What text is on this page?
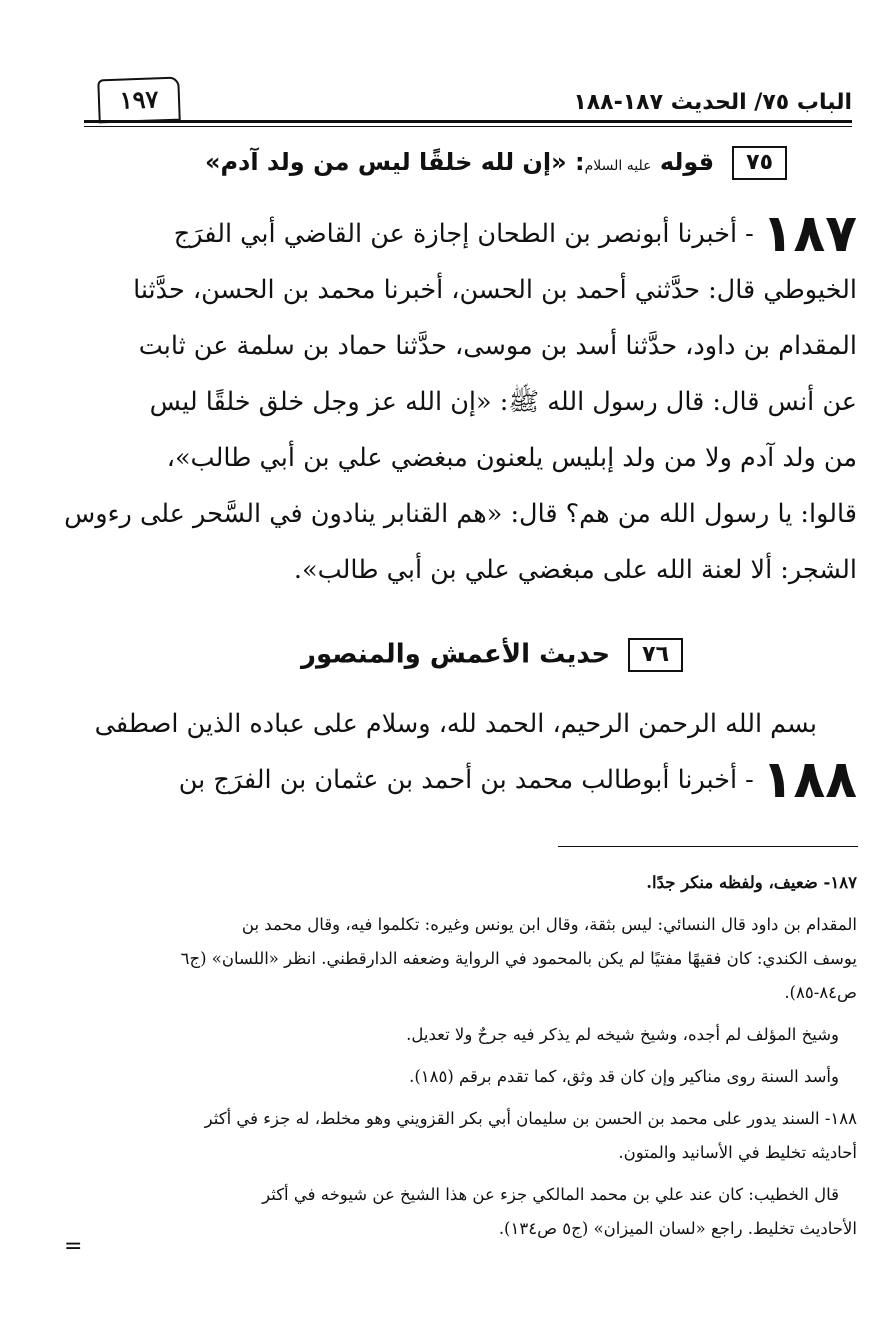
الباب ٧٥/ الحديث ١٨٧-١٨٨
١٩٧
٧٥قوله عليه السلام: «إن لله خلقًا ليس من ولد آدم»
١٨٧- أخبرنا أبونصر بن الطحان إجازة عن القاضي أبي الفرَج
الخيوطي قال: حدَّثني أحمد بن الحسن، أخبرنا محمد بن الحسن، حدَّثنا
المقدام بن داود، حدَّثنا أسد بن موسى، حدَّثنا حماد بن سلمة عن ثابت
عن أنس قال: قال رسول الله ﷺ: «إن الله عز وجل خلق خلقًا ليس
من ولد آدم ولا من ولد إبليس يلعنون مبغضي علي بن أبي طالب»،
قالوا: يا رسول الله من هم؟ قال: «هم القنابر ينادون في السَّحر على رءوس
الشجر: ألا لعنة الله على مبغضي علي بن أبي طالب».
٧٦حديث الأعمش والمنصور
بسم الله الرحمن الرحيم، الحمد لله، وسلام على عباده الذين اصطفى
١٨٨- أخبرنا أبوطالب محمد بن أحمد بن عثمان بن الفرَج بن
١٨٧- ضعيف، ولفظه منكر جدًا.
المقدام بن داود قال النسائي: ليس بثقة، وقال ابن يونس وغيره: تكلموا فيه، وقال محمد بن
يوسف الكندي: كان فقيهًا مفتيًا لم يكن بالمحمود في الرواية وضعفه الدارقطني. انظر «اللسان» (ج٦
ص٨٤-٨٥).
وشيخ المؤلف لم أجده، وشيخ شيخه لم يذكر فيه جرحٌ ولا تعديل.
وأسد السنة روى مناكير وإن كان قد وثق، كما تقدم برقم (١٨٥).
١٨٨- السند يدور على محمد بن الحسن بن سليمان أبي بكر القزويني وهو مخلط، له جزء في أكثر
أحاديثه تخليط في الأسانيد والمتون.
قال الخطيب: كان عند علي بن محمد المالكي جزء عن هذا الشيخ عن شيوخه في أكثر
الأحاديث تخليط. راجع «لسان الميزان» (ج٥ ص١٣٤).
=
